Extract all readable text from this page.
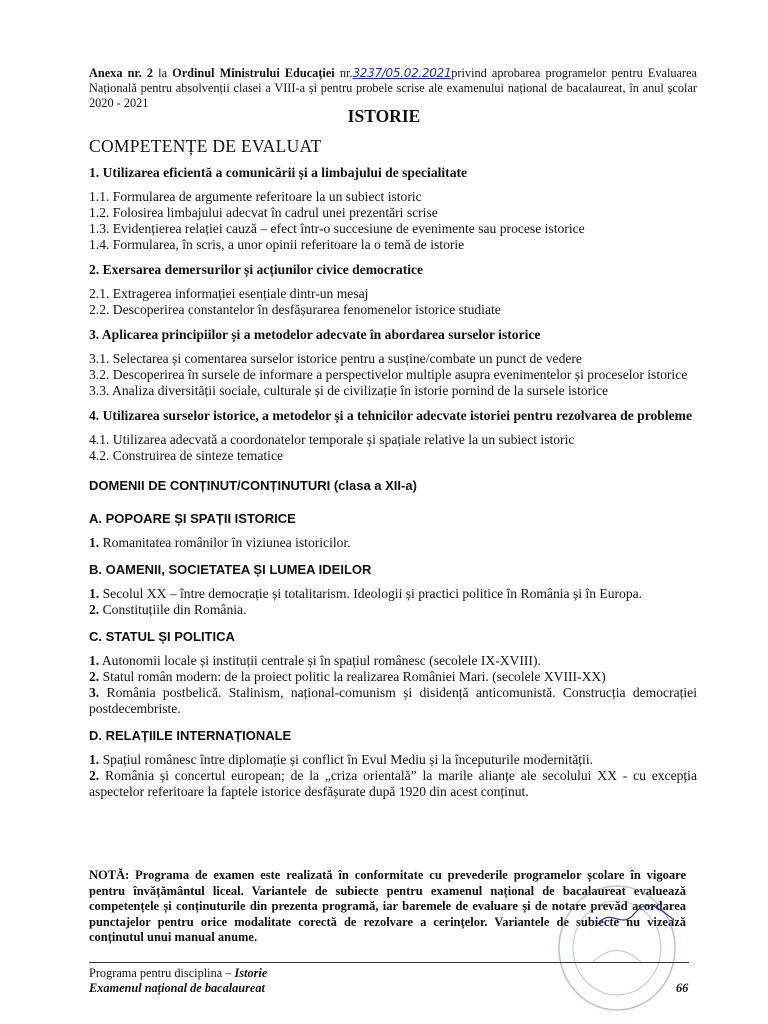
Anexa nr. 2 la Ordinul Ministrului Educației nr.3237/05.02.2021privind aprobarea programelor pentru Evaluarea Națională pentru absolvenții clasei a VIII-a și pentru probele scrise ale examenului național de bacalaureat, în anul școlar 2020 - 2021
ISTORIE
COMPETENȚE DE EVALUAT
1. Utilizarea eficientă a comunicării și a limbajului de specialitate
1.1. Formularea de argumente referitoare la un subiect istoric
1.2. Folosirea limbajului adecvat în cadrul unei prezentări scrise
1.3. Evidențierea relației cauză – efect într-o succesiune de evenimente sau procese istorice
1.4. Formularea, în scris, a unor opinii referitoare la o temă de istorie
2. Exersarea demersurilor și acțiunilor civice democratice
2.1. Extragerea informației esențiale dintr-un mesaj
2.2. Descoperirea constantelor în desfășurarea fenomenelor istorice studiate
3. Aplicarea principiilor și a metodelor adecvate în abordarea surselor istorice
3.1. Selectarea și comentarea surselor istorice pentru a susține/combate un punct de vedere
3.2. Descoperirea în sursele de informare a perspectivelor multiple asupra evenimentelor și proceselor istorice
3.3. Analiza diversității sociale, culturale și de civilizație în istorie pornind de la sursele istorice
4. Utilizarea surselor istorice, a metodelor și a tehnicilor adecvate istoriei pentru rezolvarea de probleme
4.1. Utilizarea adecvată a coordonatelor temporale și spațiale relative la un subiect istoric
4.2. Construirea de sinteze tematice
DOMENII DE CONȚINUT/CONȚINUTURI (clasa a XII-a)
A. POPOARE ȘI SPAȚII ISTORICE
1. Romanitatea românilor în viziunea istoricilor.
B. OAMENII, SOCIETATEA ȘI LUMEA IDEILOR
1. Secolul XX – între democrație și totalitarism. Ideologii și practici politice în România și în Europa.
2. Constituțiile din România.
C. STATUL ȘI POLITICA
1. Autonomii locale și instituții centrale și în spațiul românesc (secolele IX-XVIII).
2. Statul român modern: de la proiect politic la realizarea României Mari. (secolele XVIII-XX)
3. România postbelică. Stalinism, național-comunism și disidență anticomunistă. Construcția democrației postdecembriste.
D. RELAȚIILE INTERNAȚIONALE
1. Spațiul românesc între diplomație și conflict în Evul Mediu și la începuturile modernității.
2. România și concertul european; de la „criza orientală” la marile alianțe ale secolului XX - cu excepția aspectelor referitoare la faptele istorice desfășurate după 1920 din acest conținut.
NOTĂ: Programa de examen este realizată în conformitate cu prevederile programelor școlare în vigoare pentru învățământul liceal. Variantele de subiecte pentru examenul național de bacalaureat evaluează competențele și conținuturile din prezenta programă, iar baremele de evaluare și de notare prevăd acordarea punctajelor pentru orice modalitate corectă de rezolvare a cerințelor. Variantele de subiecte nu vizează conținutul unui manual anume.
Programa pentru disciplina – Istorie
Examenul național de bacalaureat	66
